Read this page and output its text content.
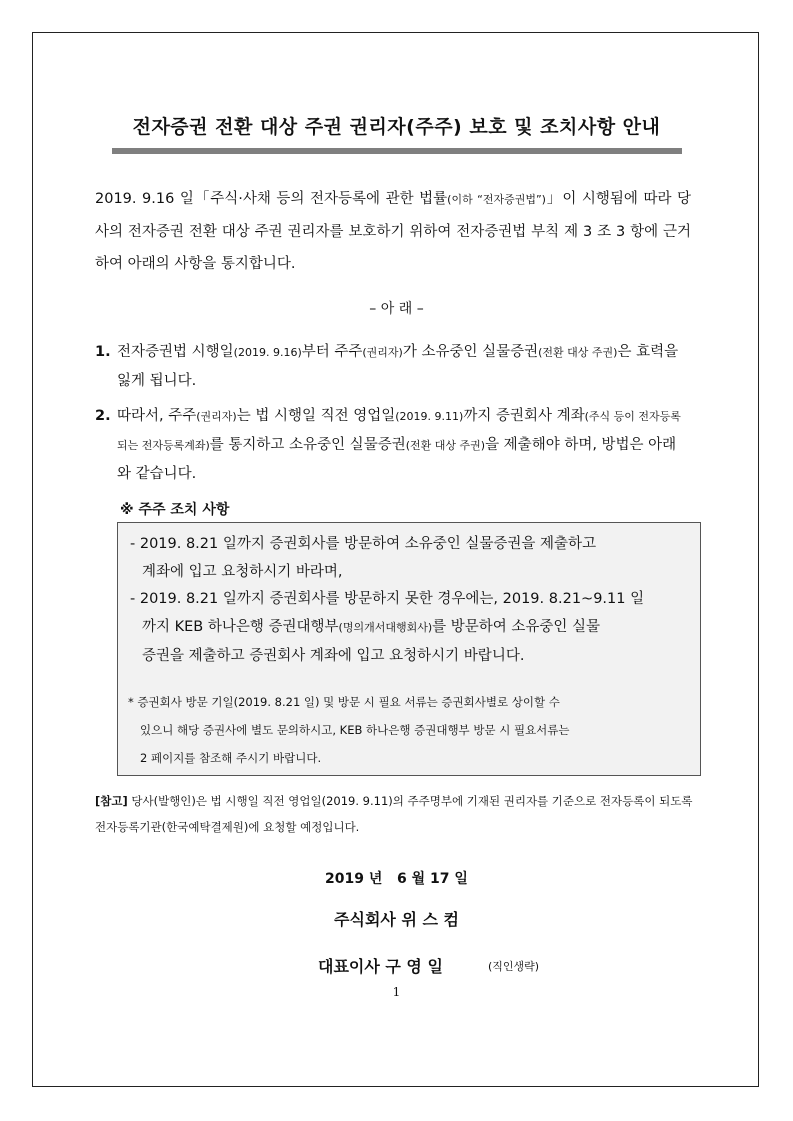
전자증권 전환 대상 주권 권리자(주주) 보호 및 조치사항 안내
2019. 9.16 일「주식·사채 등의 전자등록에 관한 법률(이하 “전자증권법”)」이 시행됨에 따라 당사의 전자증권 전환 대상 주권 권리자를 보호하기 위하여 전자증권법 부칙 제 3 조 3 항에 근거하여 아래의 사항을 통지합니다.
– 아 래 –
1. 전자증권법 시행일(2019. 9.16)부터 주주(권리자)가 소유중인 실물증권(전환 대상 주권)은 효력을 잃게 됩니다.
2. 따라서, 주주(권리자)는 법 시행일 직전 영업일(2019. 9.11)까지 증권회사 계좌(주식 등이 전자등록되는 전자등록계좌)를 통지하고 소유중인 실물증권(전환 대상 주권)을 제출해야 하며, 방법은 아래와 같습니다.
※ 주주 조치 사항
- 2019. 8.21 일까지 증권회사를 방문하여 소유중인 실물증권을 제출하고
계좌에 입고 요청하시기 바라며,
- 2019. 8.21 일까지 증권회사를 방문하지 못한 경우에는, 2019. 8.21~9.11 일
까지 KEB 하나은행 증권대행부(명의개서대행회사)를 방문하여 소유중인 실물
증권을 제출하고 증권회사 계좌에 입고 요청하시기 바랍니다.
* 증권회사 방문 기일(2019. 8.21 일) 및 방문 시 필요 서류는 증권회사별로 상이할 수
있으니 해당 증권사에 별도 문의하시고, KEB 하나은행 증권대행부 방문 시 필요서류는
2 페이지를 참조해 주시기 바랍니다.
[참고] 당사(발행인)은 법 시행일 직전 영업일(2019. 9.11)의 주주명부에 기재된 권리자를 기준으로 전자등록이 되도록 전자등록기관(한국예탁결제원)에 요청할 예정입니다.
2019 년   6 월 17 일
주식회사 위 스 컴
대표이사 구 영 일	(직인생략)
1
